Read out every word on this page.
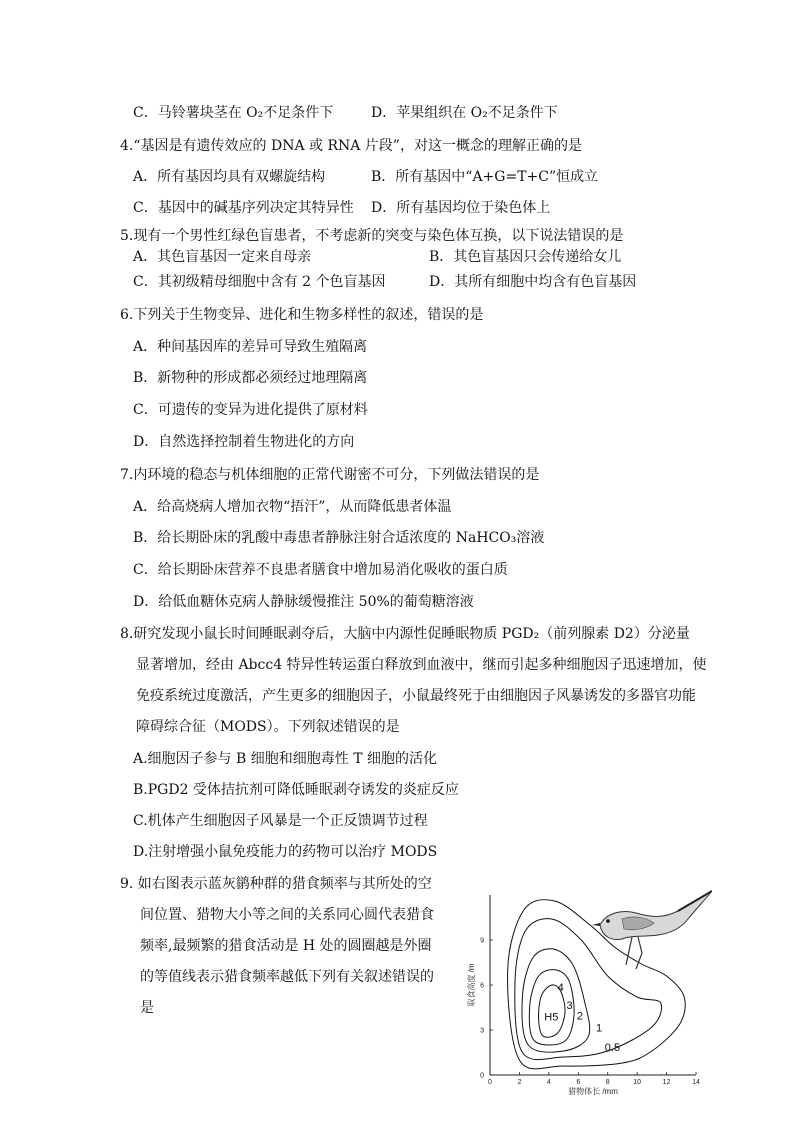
C．马铃薯块茎在 O₂不足条件下	D．苹果组织在 O₂不足条件下
4.“基因是有遗传效应的 DNA 或 RNA 片段”，对这一概念的理解正确的是
A．所有基因均具有双螺旋结构	B．所有基因中“A+G=T+C”恒成立
C．基因中的碱基序列决定其特异性 D．所有基因均位于染色体上
5.现有一个男性红绿色盲患者，不考虑新的突变与染色体互换，以下说法错误的是
A．其色盲基因一定来自母亲	B．其色盲基因只会传递给女儿
C．其初级精母细胞中含有 2 个色盲基因	D．其所有细胞中均含有色盲基因
6.下列关于生物变异、进化和生物多样性的叙述，错误的是
A．种间基因库的差异可导致生殖隔离
B．新物种的形成都必须经过地理隔离
C．可遗传的变异为进化提供了原材料
D．自然选择控制着生物进化的方向
7.内环境的稳态与机体细胞的正常代谢密不可分，下列做法错误的是
A．给高烧病人增加衣物“捂汗”，从而降低患者体温
B．给长期卧床的乳酸中毒患者静脉注射合适浓度的 NaHCO₃溶液
C．给长期卧床营养不良患者膳食中增加易消化吸收的蛋白质
D．给低血糖休克病人静脉缓慢推注 50%的葡萄糖溶液
8.研究发现小鼠长时间睡眠剥夺后，大脑中内源性促睡眠物质 PGD₂（前列腺素 D2）分泌量
显著增加，经由 Abcc4 特异性转运蛋白释放到血液中，继而引起多种细胞因子迅速增加，使
免疫系统过度激活，产生更多的细胞因子，小鼠最终死于由细胞因子风暴诱发的多器官功能
障碍综合征（MODS）。下列叙述错误的是
A.细胞因子参与 B 细胞和细胞毒性 T 细胞的活化
B.PGD2 受体拮抗剂可降低睡眠剥夺诱发的炎症反应
C.机体产生细胞因子风暴是一个正反馈调节过程
D.注射增强小鼠免疫能力的药物可以治疗 MODS
9. 如右图表示蓝灰鹟种群的猎食频率与其所处的空
间位置、猎物大小等之间的关系同心圆代表猎食
频率,最频繁的猎食活动是 H 处的圆圈越是外圈
的等值线表示猎食频率越低下列有关叙述错误的
是
0	2	4	6	8	10	12	14
0
3
6
9
猎物体长 /mm
取食高度 /m	4
3
2
1
0.5
H5
